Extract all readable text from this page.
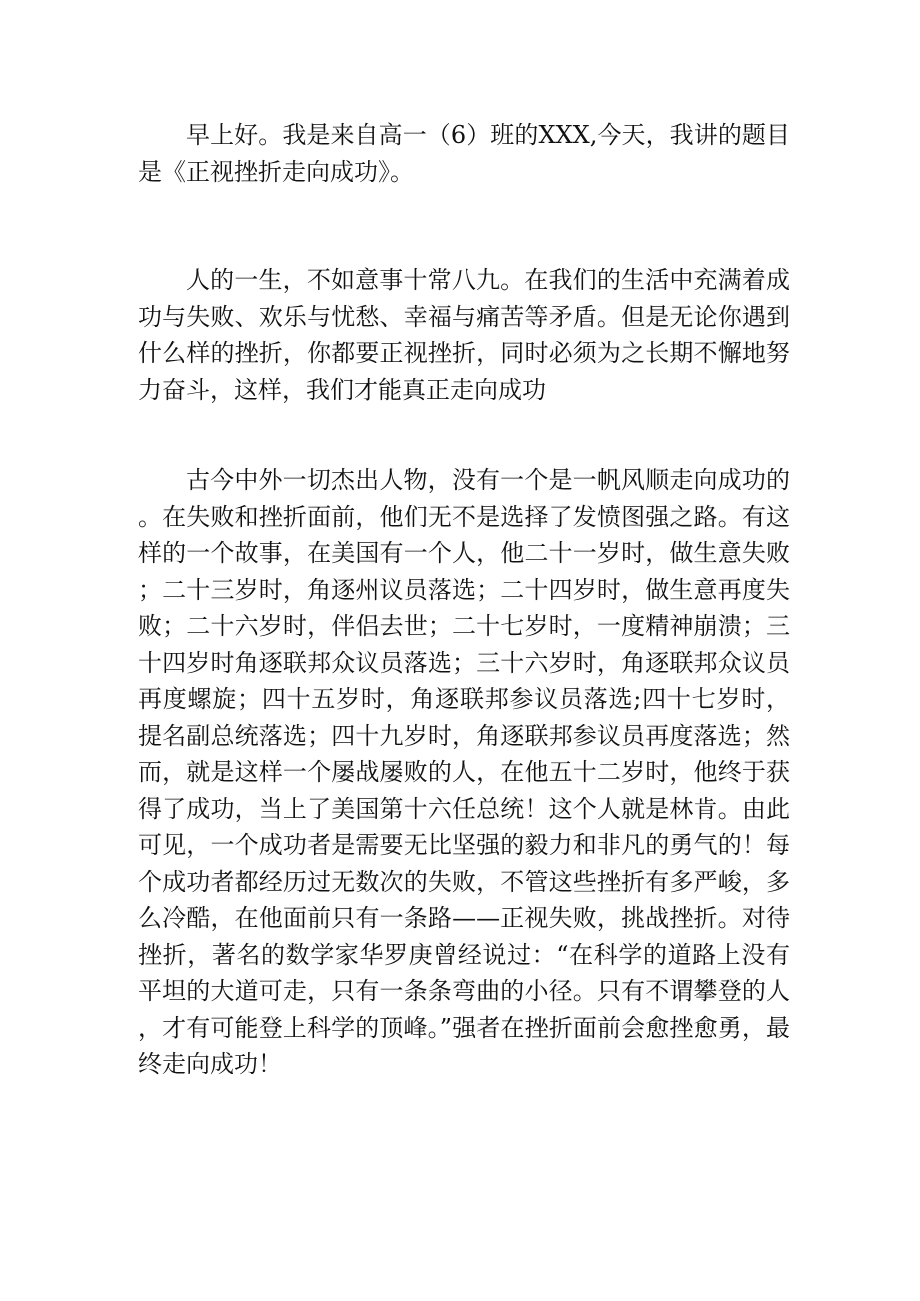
早上好。我是来自高一（6）班的XXX,今天，我讲的题目是《正视挫折走向成功》。

人的一生，不如意事十常八九。在我们的生活中充满着成功与失败、欢乐与忧愁、幸福与痛苦等矛盾。但是无论你遇到什么样的挫折，你都要正视挫折，同时必须为之长期不懈地努力奋斗，这样，我们才能真正走向成功

古今中外一切杰出人物，没有一个是一帆风顺走向成功的。在失败和挫折面前，他们无不是选择了发愤图强之路。有这样的一个故事，在美国有一个人，他二十一岁时，做生意失败；二十三岁时，角逐州议员落选；二十四岁时，做生意再度失败；二十六岁时，伴侣去世；二十七岁时，一度精神崩溃；三十四岁时角逐联邦众议员落选；三十六岁时，角逐联邦众议员再度螺旋；四十五岁时，角逐联邦参议员落选;四十七岁时，提名副总统落选；四十九岁时，角逐联邦参议员再度落选；然而，就是这样一个屡战屡败的人，在他五十二岁时，他终于获得了成功，当上了美国第十六任总统！这个人就是林肯。由此可见，一个成功者是需要无比坚强的毅力和非凡的勇气的！每个成功者都经历过无数次的失败，不管这些挫折有多严峻，多么冷酷，在他面前只有一条路——正视失败，挑战挫折。对待挫折，著名的数学家华罗庚曾经说过：“在科学的道路上没有平坦的大道可走，只有一条条弯曲的小径。只有不谓攀登的人，才有可能登上科学的顶峰。”强者在挫折面前会愈挫愈勇，最终走向成功！
